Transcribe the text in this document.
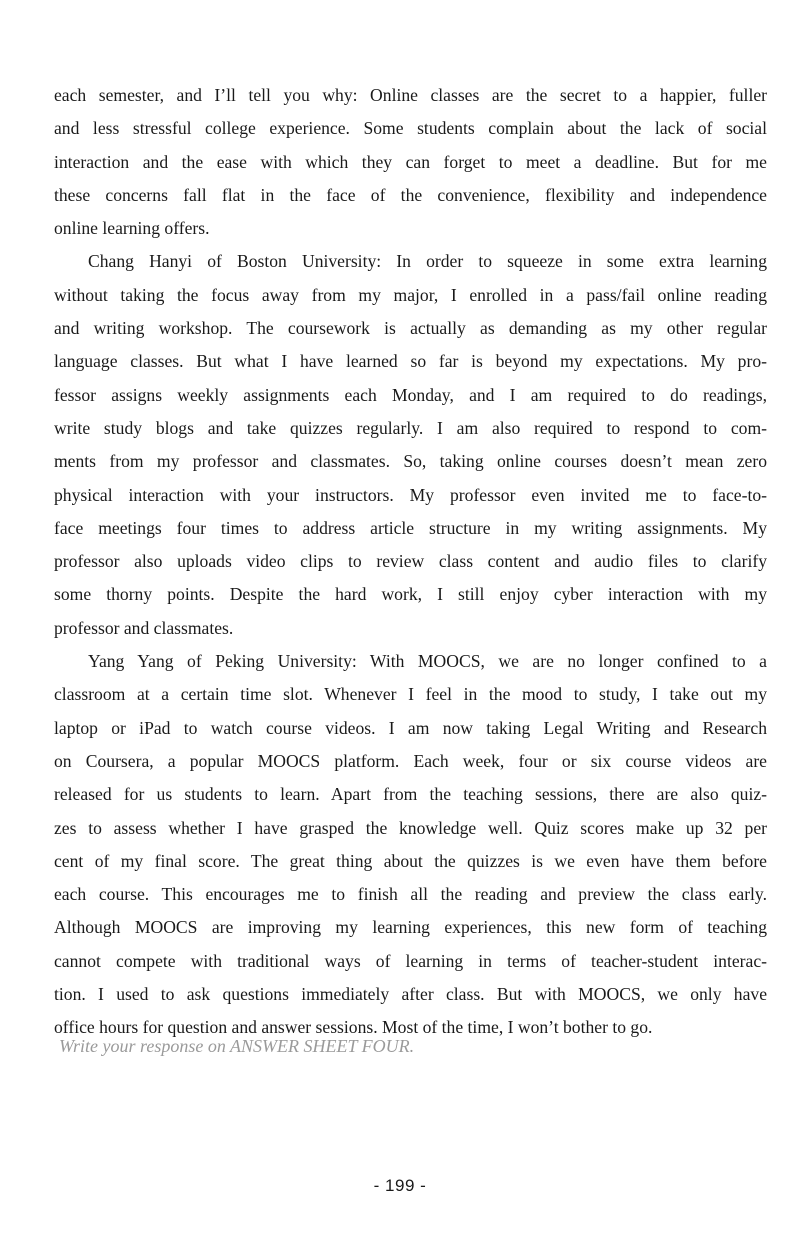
each semester, and I’ll tell you why: Online classes are the secret to a happier, fuller
and less stressful college experience. Some students complain about the lack of social
interaction and the ease with which they can forget to meet a deadline. But for me
these concerns fall flat in the face of the convenience, flexibility and independence
online learning offers.

Chang Hanyi of Boston University: In order to squeeze in some extra learning
without taking the focus away from my major, I enrolled in a pass/fail online reading
and writing workshop. The coursework is actually as demanding as my other regular
language classes. But what I have learned so far is beyond my expectations. My pro-
fessor assigns weekly assignments each Monday, and I am required to do readings,
write study blogs and take quizzes regularly. I am also required to respond to com-
ments from my professor and classmates. So, taking online courses doesn’t mean zero
physical interaction with your instructors. My professor even invited me to face-to-
face meetings four times to address article structure in my writing assignments. My
professor also uploads video clips to review class content and audio files to clarify
some thorny points. Despite the hard work, I still enjoy cyber interaction with my
professor and classmates.

Yang Yang of Peking University: With MOOCS, we are no longer confined to a
classroom at a certain time slot. Whenever I feel in the mood to study, I take out my
laptop or iPad to watch course videos. I am now taking Legal Writing and Research
on Coursera, a popular MOOCS platform. Each week, four or six course videos are
released for us students to learn. Apart from the teaching sessions, there are also quiz-
zes to assess whether I have grasped the knowledge well. Quiz scores make up 32 per
cent of my final score. The great thing about the quizzes is we even have them before
each course. This encourages me to finish all the reading and preview the class early.
Although MOOCS are improving my learning experiences, this new form of teaching
cannot compete with traditional ways of learning in terms of teacher-student interac-
tion. I used to ask questions immediately after class. But with MOOCS, we only have
office hours for question and answer sessions. Most of the time, I won’t bother to go.

Write your response on ANSWER SHEET FOUR.

- 199 -
